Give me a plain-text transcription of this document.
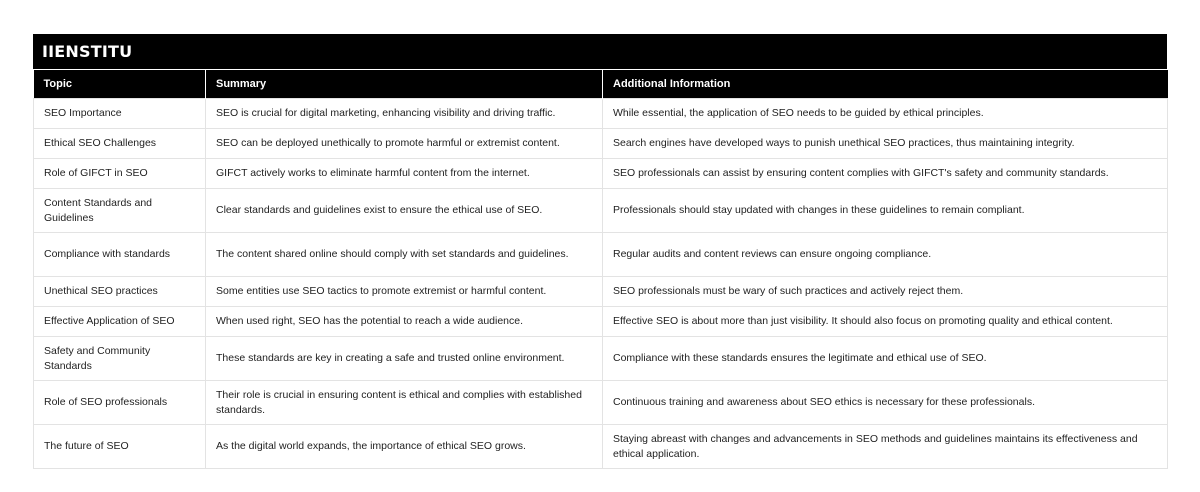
IIENSTITU
Topic	Summary	Additional Information
SEO Importance	SEO is crucial for digital marketing, enhancing visibility and driving traffic.	While essential, the application of SEO needs to be guided by ethical principles.
Ethical SEO Challenges	SEO can be deployed unethically to promote harmful or extremist content.	Search engines have developed ways to punish unethical SEO practices, thus maintaining integrity.
Role of GIFCT in SEO	GIFCT actively works to eliminate harmful content from the internet.	SEO professionals can assist by ensuring content complies with GIFCT's safety and community standards.
Content Standards and Guidelines	Clear standards and guidelines exist to ensure the ethical use of SEO.	Professionals should stay updated with changes in these guidelines to remain compliant.
Compliance with standards	The content shared online should comply with set standards and guidelines.	Regular audits and content reviews can ensure ongoing compliance.
Unethical SEO practices	Some entities use SEO tactics to promote extremist or harmful content.	SEO professionals must be wary of such practices and actively reject them.
Effective Application of SEO	When used right, SEO has the potential to reach a wide audience.	Effective SEO is about more than just visibility. It should also focus on promoting quality and ethical content.
Safety and Community Standards	These standards are key in creating a safe and trusted online environment.	Compliance with these standards ensures the legitimate and ethical use of SEO.
Role of SEO professionals	Their role is crucial in ensuring content is ethical and complies with established standards.	Continuous training and awareness about SEO ethics is necessary for these professionals.
The future of SEO	As the digital world expands, the importance of ethical SEO grows.	Staying abreast with changes and advancements in SEO methods and guidelines maintains its effectiveness and ethical application.
